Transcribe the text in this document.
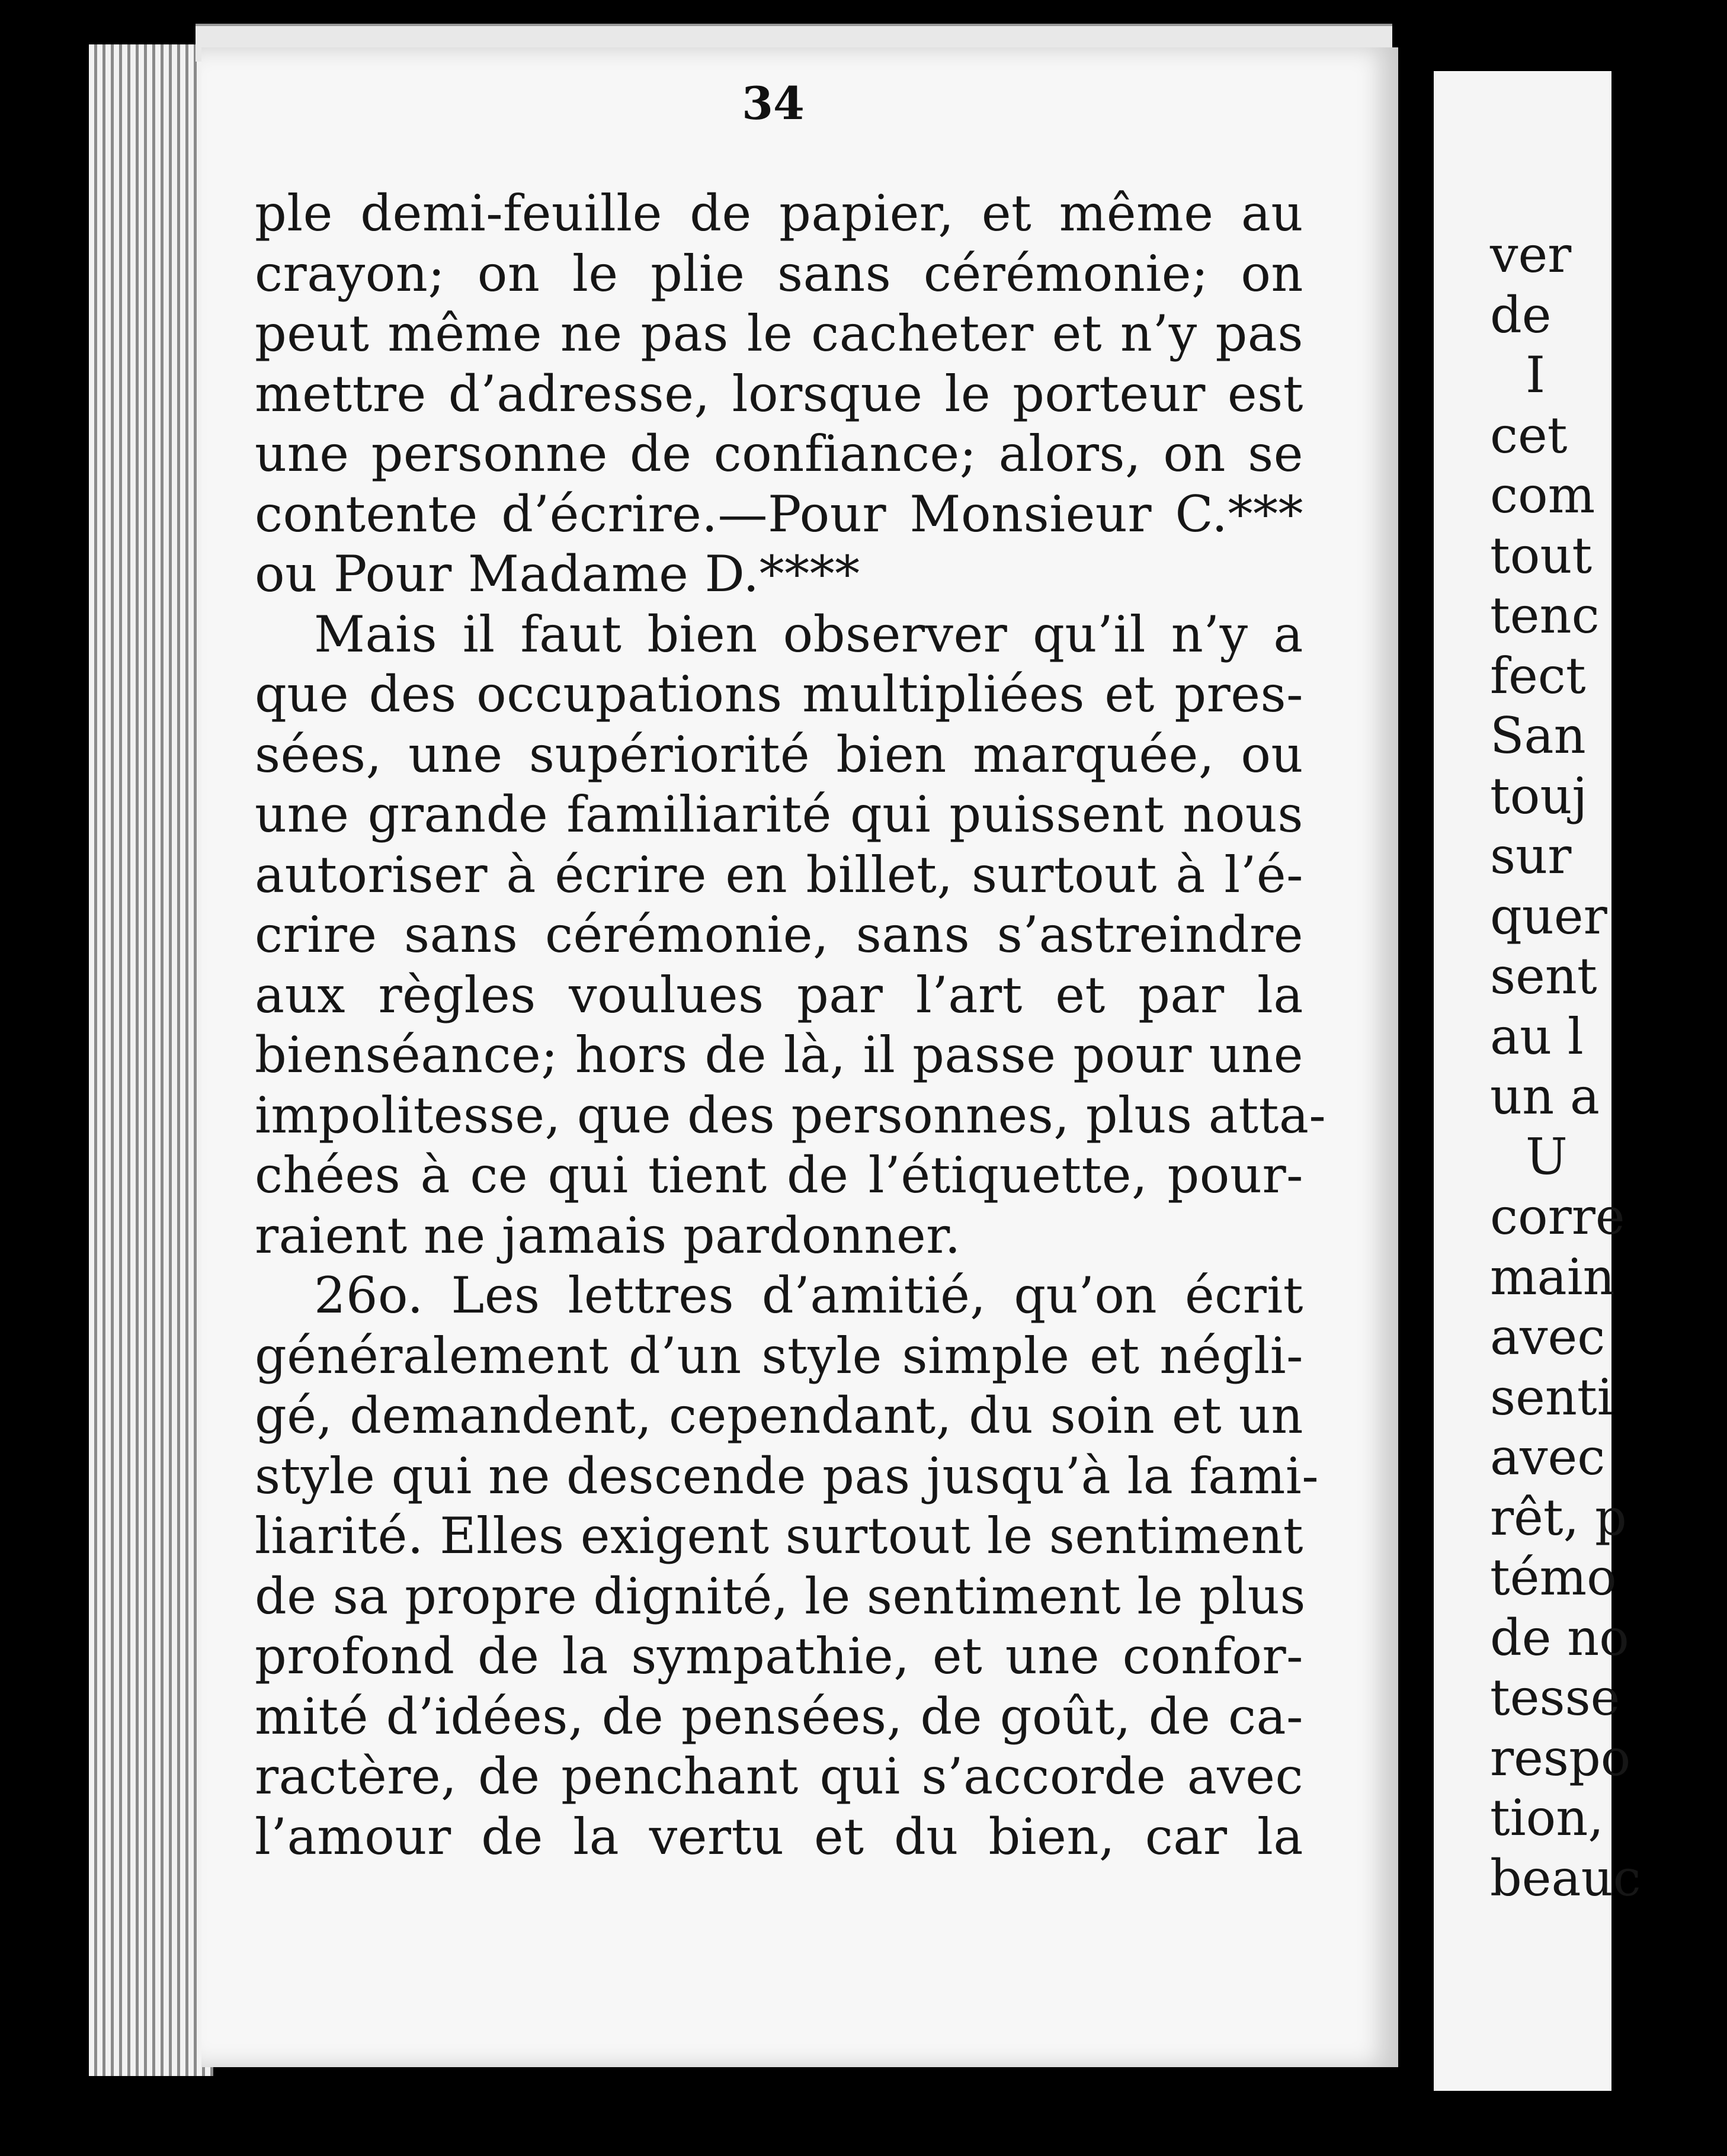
34
ple demi-feuille de papier, et même au
crayon; on le plie sans cérémonie; on
peut même ne pas le cacheter et n’y pas
mettre d’adresse, lorsque le porteur est
une personne de confiance; alors, on se
contente d’écrire.—Pour Monsieur C.***
ou Pour Madame D.****
Mais il faut bien observer qu’il n’y a
que des occupations multipliées et pres-
sées, une supériorité bien marquée, ou
une grande familiarité qui puissent nous
autoriser à écrire en billet, surtout à l’é-
crire sans cérémonie, sans s’astreindre
aux règles voulues par l’art et par la
bienséance; hors de là, il passe pour une
impolitesse, que des personnes, plus atta-
chées à ce qui tient de l’étiquette, pour-
raient ne jamais pardonner.
26o. Les lettres d’amitié, qu’on écrit
généralement d’un style simple et négli-
gé, demandent, cependant, du soin et un
style qui ne descende pas jusqu’à la fami-
liarité. Elles exigent surtout le sentiment
de sa propre dignité, le sentiment le plus
profond de la sympathie, et une confor-
mité d’idées, de pensées, de goût, de ca-
ractère, de penchant qui s’accorde avec
l’amour de la vertu et du bien, car la
ver
de
I
cet
com
tout
tenc
fect
San
touj
sur
quer
sent
au l
un a
U
corre
main
avec
senti
avec
rêt, p
témo
de no
tesse
respo
tion,
beauc
